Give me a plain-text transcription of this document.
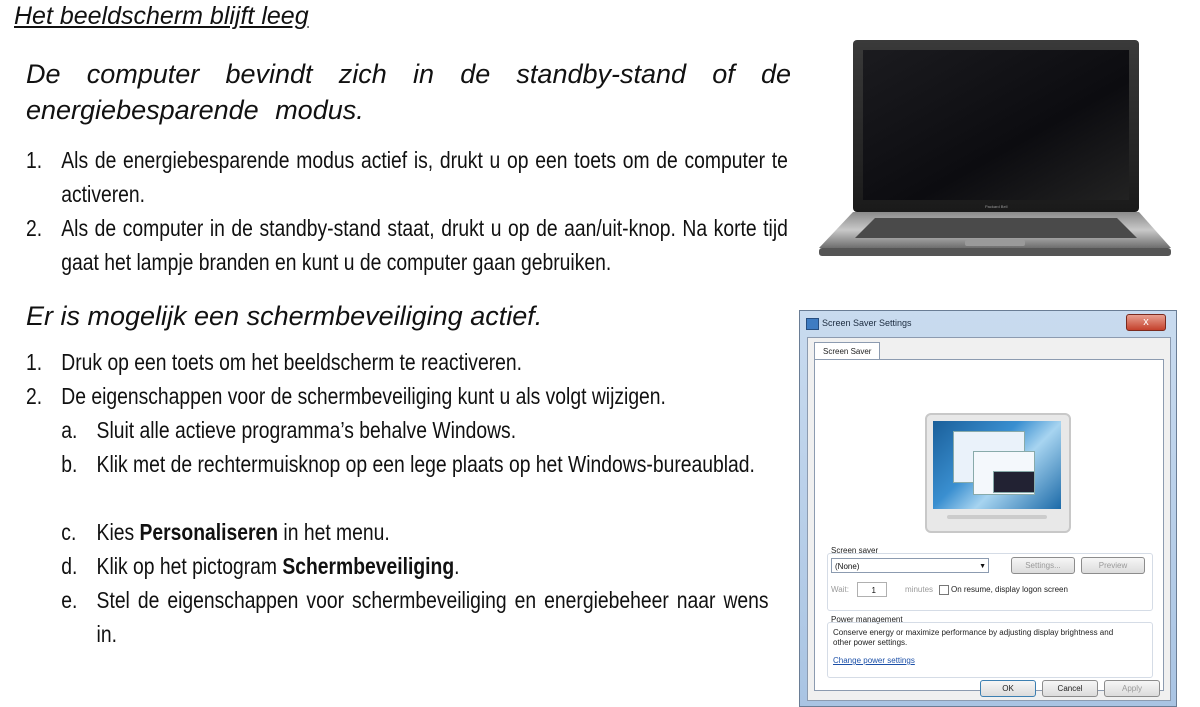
Het beeldscherm blijft leeg
De computer bevindt zich in de standby-stand of de energiebesparende modus.
1. Als de energiebesparende modus actief is, drukt u op een toets om de computer te activeren.
2. Als de computer in de standby-stand staat, drukt u op de aan/uit-knop. Na korte tijd gaat het lampje branden en kunt u de computer gaan gebruiken.
Er is mogelijk een schermbeveiliging actief.
1. Druk op een toets om het beeldscherm te reactiveren.
2. De eigenschappen voor de schermbeveiliging kunt u als volgt wijzigen.
a. Sluit alle actieve programma’s behalve Windows.
b. Klik met de rechtermuisknop op een lege plaats op het Windows-bureaublad.
c. Kies Personaliseren in het menu.
d. Klik op het pictogram Schermbeveiliging.
e. Stel de eigenschappen voor schermbeveiliging en energiebeheer naar wens in.
Packard Bell
Screen Saver Settings	x
Screen Saver
Screen saver
(None)	▼	Settings...	Preview
Wait:	1	minutes On resume, display logon screen
Power management
Conserve energy or maximize performance by adjusting display brightness and other power settings.
Change power settings
OK	Cancel	Apply
